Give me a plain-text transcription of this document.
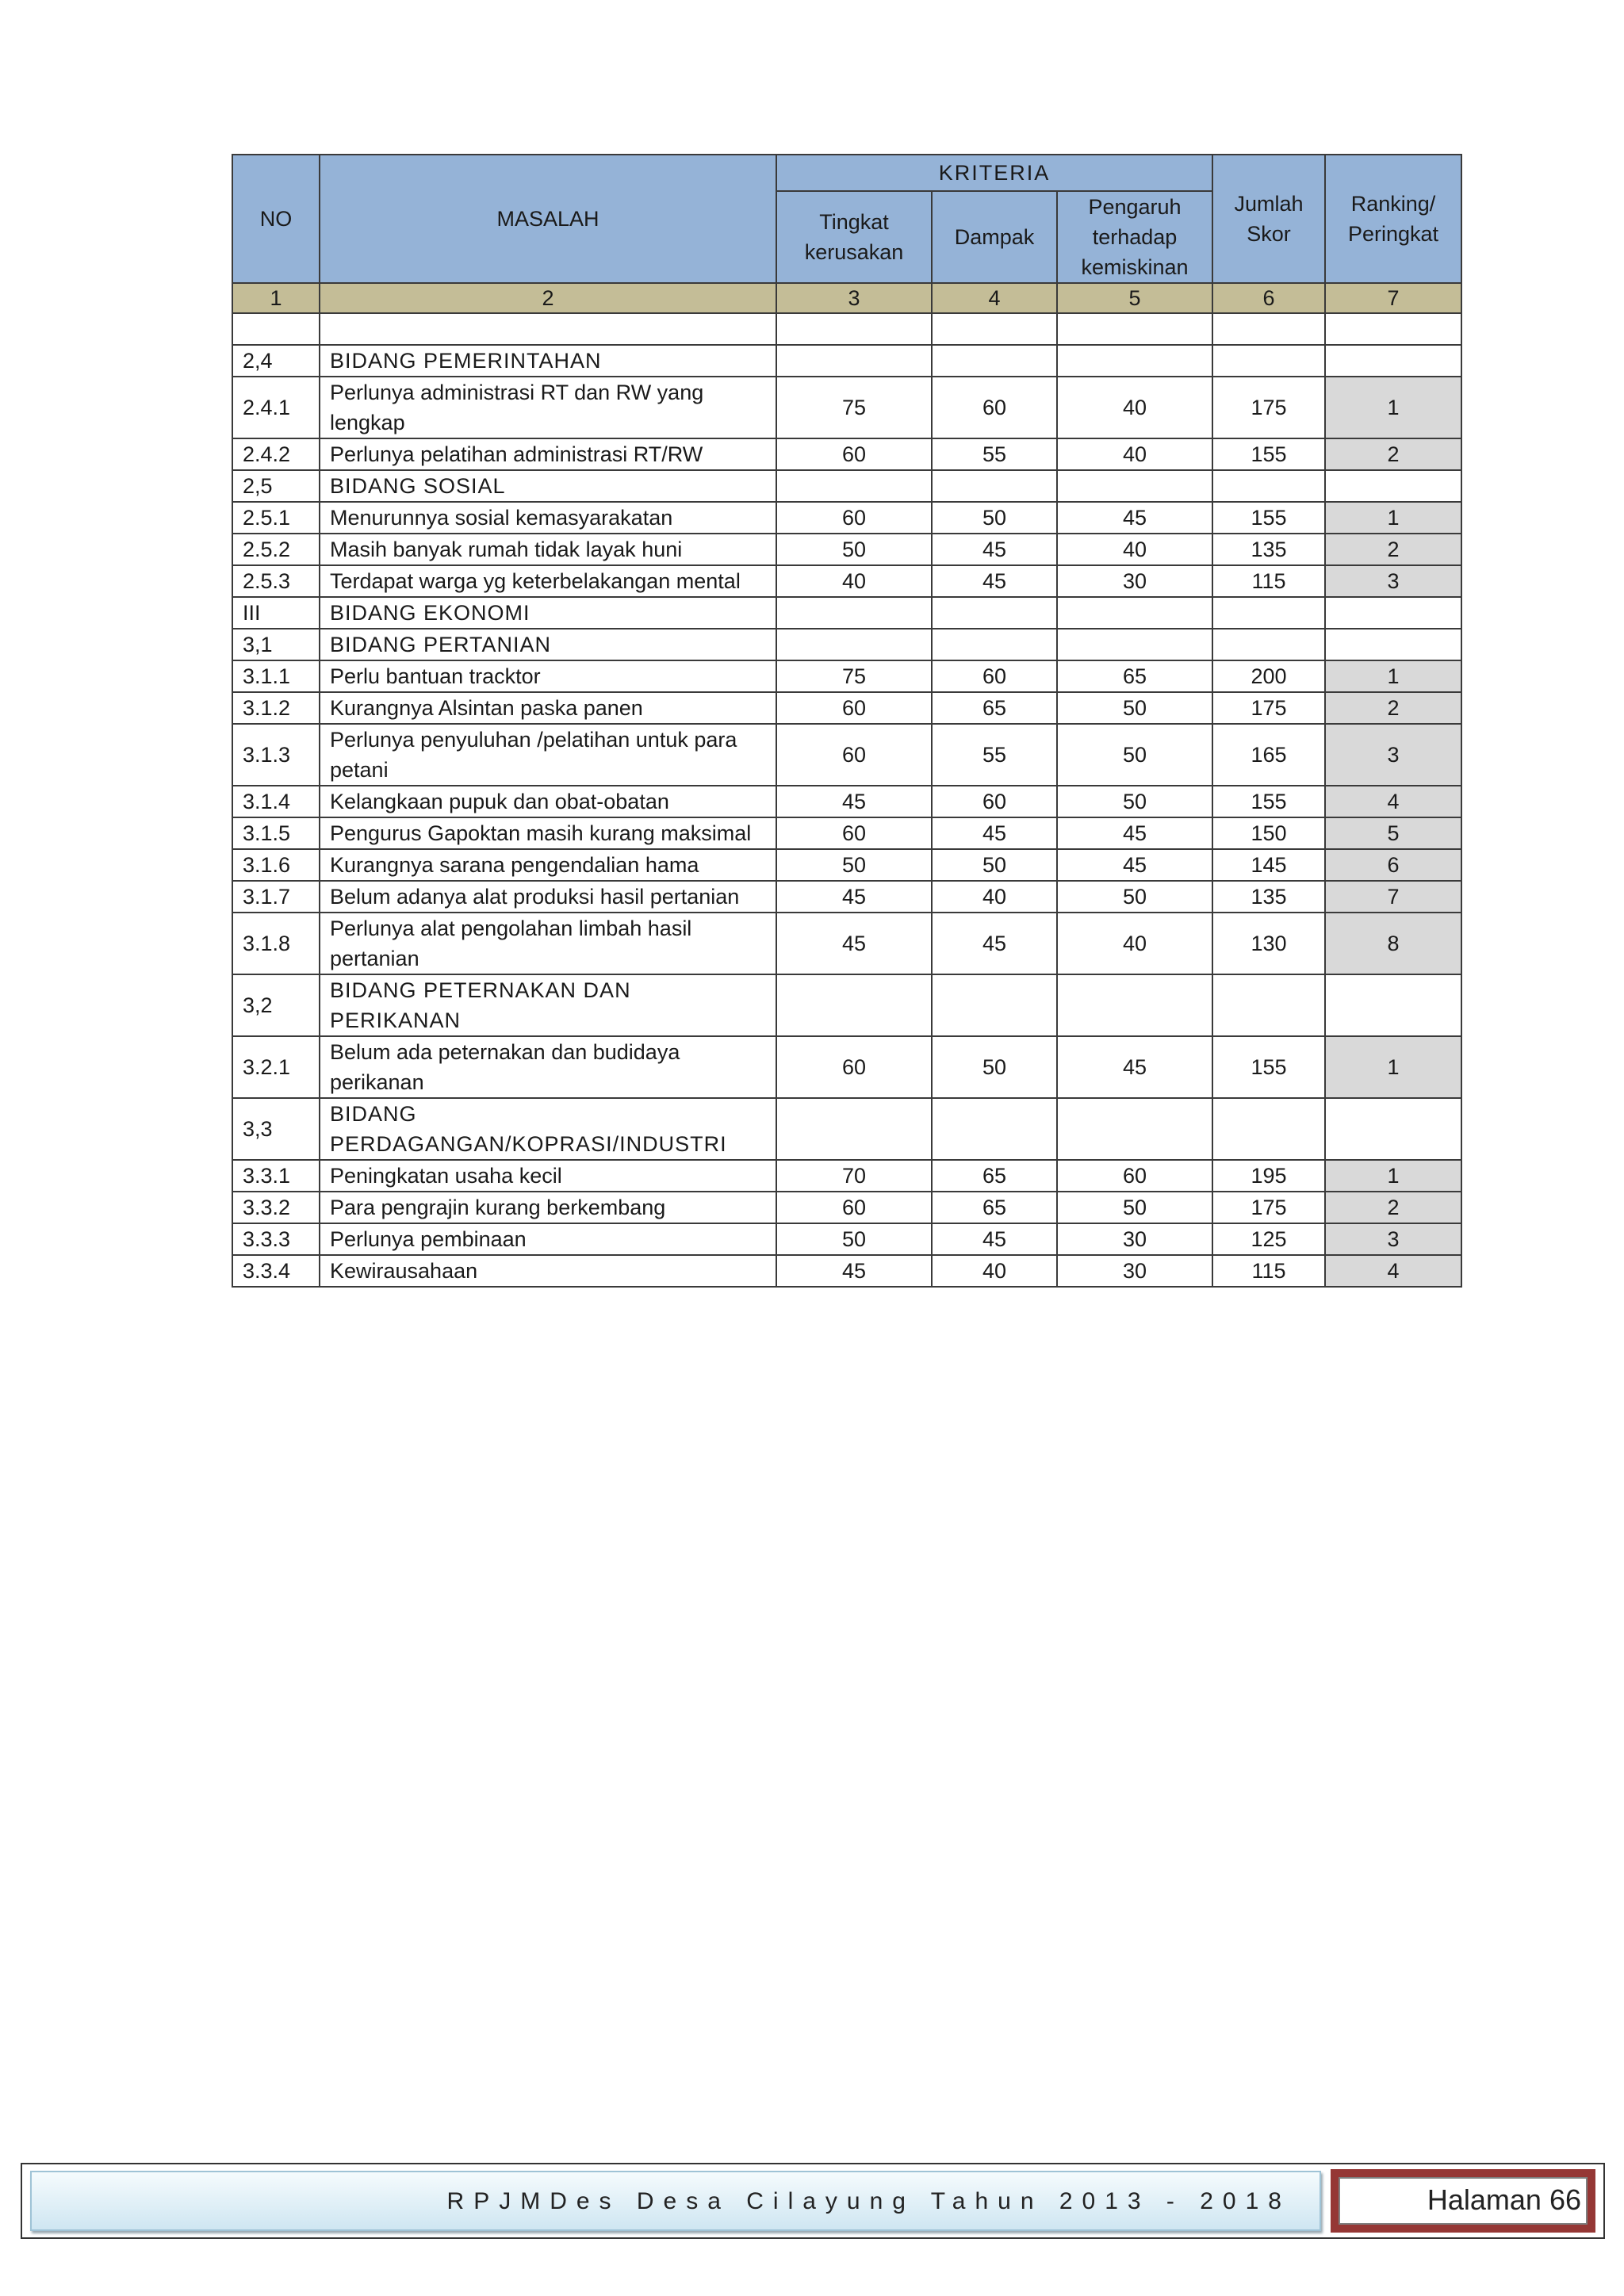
NO	MASALAH	KRITERIA			Jumlah Skor	Ranking/ Peringkat
		Tingkat kerusakan	Dampak	Pengaruh terhadap kemiskinan		
1	2	3	4	5	6	7

2,4	BIDANG PEMERINTAHAN					
2.4.1	Perlunya administrasi RT dan RW yang lengkap	75	60	40	175	1
2.4.2	Perlunya pelatihan administrasi RT/RW	60	55	40	155	2
2,5	BIDANG SOSIAL					
2.5.1	Menurunnya sosial kemasyarakatan	60	50	45	155	1
2.5.2	Masih banyak rumah tidak layak huni	50	45	40	135	2
2.5.3	Terdapat warga yg keterbelakangan mental	40	45	30	115	3
III	BIDANG EKONOMI					
3,1	BIDANG PERTANIAN					
3.1.1	Perlu bantuan tracktor	75	60	65	200	1
3.1.2	Kurangnya Alsintan paska panen	60	65	50	175	2
3.1.3	Perlunya penyuluhan /pelatihan untuk para petani	60	55	50	165	3
3.1.4	Kelangkaan pupuk dan obat-obatan	45	60	50	155	4
3.1.5	Pengurus Gapoktan masih kurang maksimal	60	45	45	150	5
3.1.6	Kurangnya sarana pengendalian hama	50	50	45	145	6
3.1.7	Belum adanya alat produksi hasil pertanian	45	40	50	135	7
3.1.8	Perlunya alat pengolahan limbah hasil pertanian	45	45	40	130	8
3,2	BIDANG PETERNAKAN DAN PERIKANAN					
3.2.1	Belum ada peternakan dan budidaya perikanan	60	50	45	155	1
3,3	BIDANG PERDAGANGAN/KOPRASI/INDUSTRI					
3.3.1	Peningkatan usaha kecil	70	65	60	195	1
3.3.2	Para pengrajin kurang berkembang	60	65	50	175	2
3.3.3	Perlunya pembinaan	50	45	30	125	3
3.3.4	Kewirausahaan	45	40	30	115	4
RPJMDes Desa Cilayung Tahun 2013 - 2018	Halaman 66
